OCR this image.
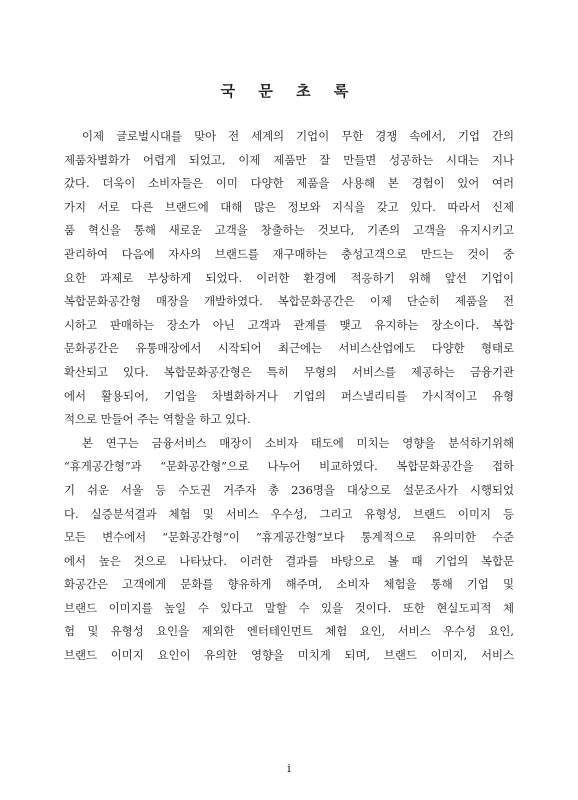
국 문 초 록
이제 글로벌시대를 맞아 전 세계의 기업이 무한 경쟁 속에서, 기업 간의
제품차별화가 어렵게 되었고, 이제 제품만 잘 만들면 성공하는 시대는 지나
갔다. 더욱이 소비자들은 이미 다양한 제품을 사용해 본 경험이 있어 여러
가지 서로 다른 브랜드에 대해 많은 정보와 지식을 갖고 있다. 따라서 신제
품 혁신을 통해 새로운 고객을 창출하는 것보다, 기존의 고객을 유지시키고
관리하여 다음에 자사의 브랜드를 재구매하는 충성고객으로 만드는 것이 중
요한 과제로 부상하게 되었다. 이러한 환경에 적응하기 위해 앞선 기업이
복합문화공간형 매장을 개발하였다. 복합문화공간은 이제 단순히 제품을 전
시하고 판매하는 장소가 아닌 고객과 관계를 맺고 유지하는 장소이다. 복합
문화공간은 유통매장에서 시작되어 최근에는 서비스산업에도 다양한 형태로
확산되고 있다. 복합문화공간형은 특히 무형의 서비스를 제공하는 금융기관
에서 활용되어, 기업을 차별화하거나 기업의 퍼스낼리티를 가시적이고 유형
적으로 만들어 주는 역할을 하고 있다.
본 연구는 금융서비스 매장이 소비자 태도에 미치는 영향을 분석하기위해
“휴게공간형”과 “문화공간형”으로 나누어 비교하였다. 복합문화공간을 접하
기 쉬운 서울 등 수도권 거주자 총 236명을 대상으로 설문조사가 시행되었
다. 실증분석결과 체험 및 서비스 우수성, 그리고 유형성, 브랜드 이미지 등
모든 변수에서 “문화공간형”이 “휴게공간형”보다 통계적으로 유의미한 수준
에서 높은 것으로 나타났다. 이러한 결과를 바탕으로 볼 때 기업의 복합문
화공간은 고객에게 문화를 향유하게 해주며, 소비자 체험을 통해 기업 및
브랜드 이미지를 높일 수 있다고 말할 수 있을 것이다. 또한 현실도피적 체
험 및 유형성 요인을 제외한 엔터테인먼트 체험 요인, 서비스 우수성 요인,
브랜드 이미지 요인이 유의한 영향을 미치게 되며, 브랜드 이미지, 서비스
i
